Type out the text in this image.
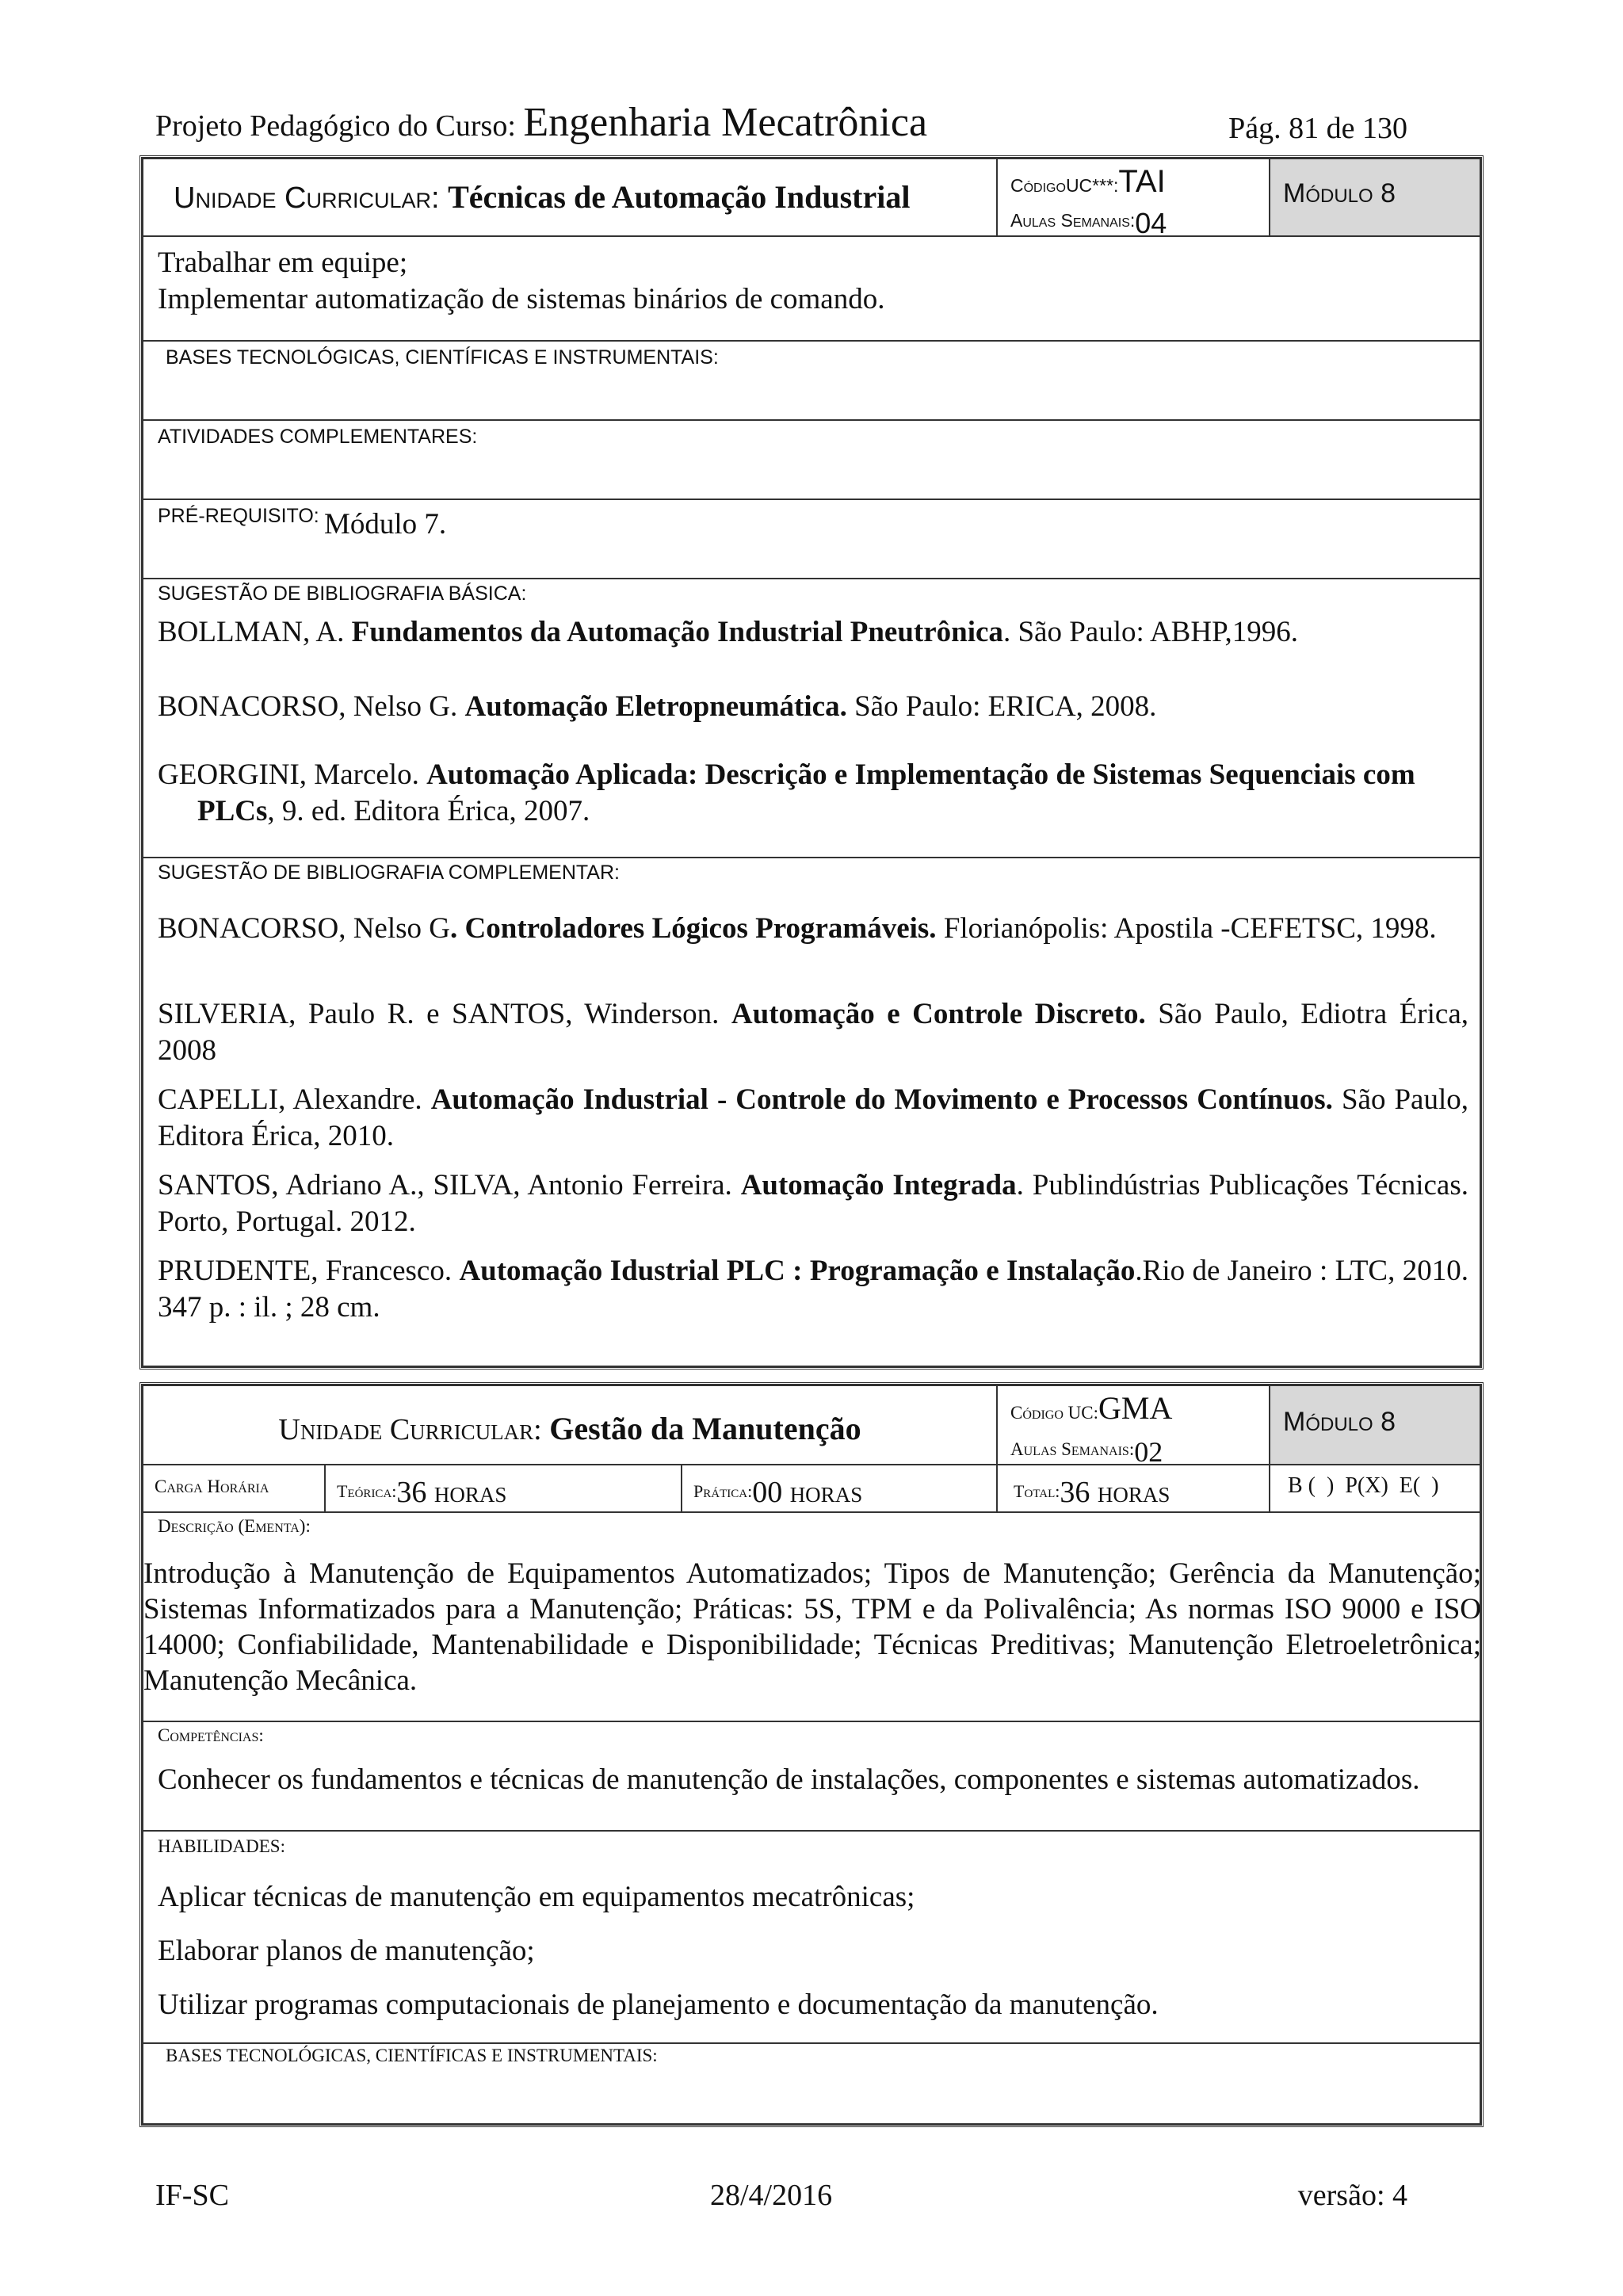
Projeto Pedagógico do Curso: Engenharia Mecatrônica	Pág. 81 de 130
Unidade Curricular: Técnicas de Automação Industrial	CódigoUC***:TAI
Aulas Semanais:04
Módulo 8
Trabalhar em equipe;
Implementar automatização de sistemas binários de comando.
BASES TECNOLÓGICAS, CIENTÍFICAS E INSTRUMENTAIS:
ATIVIDADES COMPLEMENTARES:
PRÉ-REQUISITO: Módulo 7.
SUGESTÃO DE BIBLIOGRAFIA BÁSICA:
BOLLMAN, A. Fundamentos da Automação Industrial Pneutrônica. São Paulo: ABHP,1996.
BONACORSO, Nelso G. Automação Eletropneumática. São Paulo: ERICA, 2008.
GEORGINI, Marcelo. Automação Aplicada: Descrição e Implementação de Sistemas Sequenciais com PLCs, 9. ed. Editora Érica, 2007.
SUGESTÃO DE BIBLIOGRAFIA COMPLEMENTAR:
BONACORSO, Nelso G. Controladores Lógicos Programáveis. Florianópolis: Apostila -CEFETSC, 1998.
SILVERIA, Paulo R. e SANTOS, Winderson. Automação e Controle Discreto. São Paulo, Ediotra Érica, 2008
CAPELLI, Alexandre. Automação Industrial - Controle do Movimento e Processos Contínuos. São Paulo, Editora Érica, 2010.
SANTOS, Adriano A., SILVA, Antonio Ferreira. Automação Integrada. Publindústrias Publicações Técnicas. Porto, Portugal. 2012.
PRUDENTE, Francesco. Automação Idustrial PLC : Programação e Instalação.Rio de Janeiro : LTC, 2010. 347 p. : il. ; 28 cm.
Unidade Curricular: Gestão da Manutenção	Código UC:GMA
Aulas Semanais:02
Módulo 8
Carga Horária	Teórica:36 horas	Prática:00 horas	Total:36 horas	B (  )  P(X)  E(  )
Descrição (Ementa):
Introdução à Manutenção de Equipamentos Automatizados; Tipos de Manutenção; Gerência da Manutenção; Sistemas Informatizados para a Manutenção; Práticas: 5S, TPM e da Polivalência; As normas ISO 9000 e ISO 14000; Confiabilidade, Mantenabilidade e Disponibilidade; Técnicas Preditivas; Manutenção Eletroeletrônica; Manutenção Mecânica.
Competências:
Conhecer os fundamentos e técnicas de manutenção de instalações, componentes e sistemas automatizados.
HABILIDADES:
Aplicar técnicas de manutenção em equipamentos mecatrônicas;
Elaborar planos de manutenção;
Utilizar programas computacionais de planejamento e documentação da manutenção.
BASES TECNOLÓGICAS, CIENTÍFICAS E INSTRUMENTAIS:
IF-SC	28/4/2016	versão: 4
